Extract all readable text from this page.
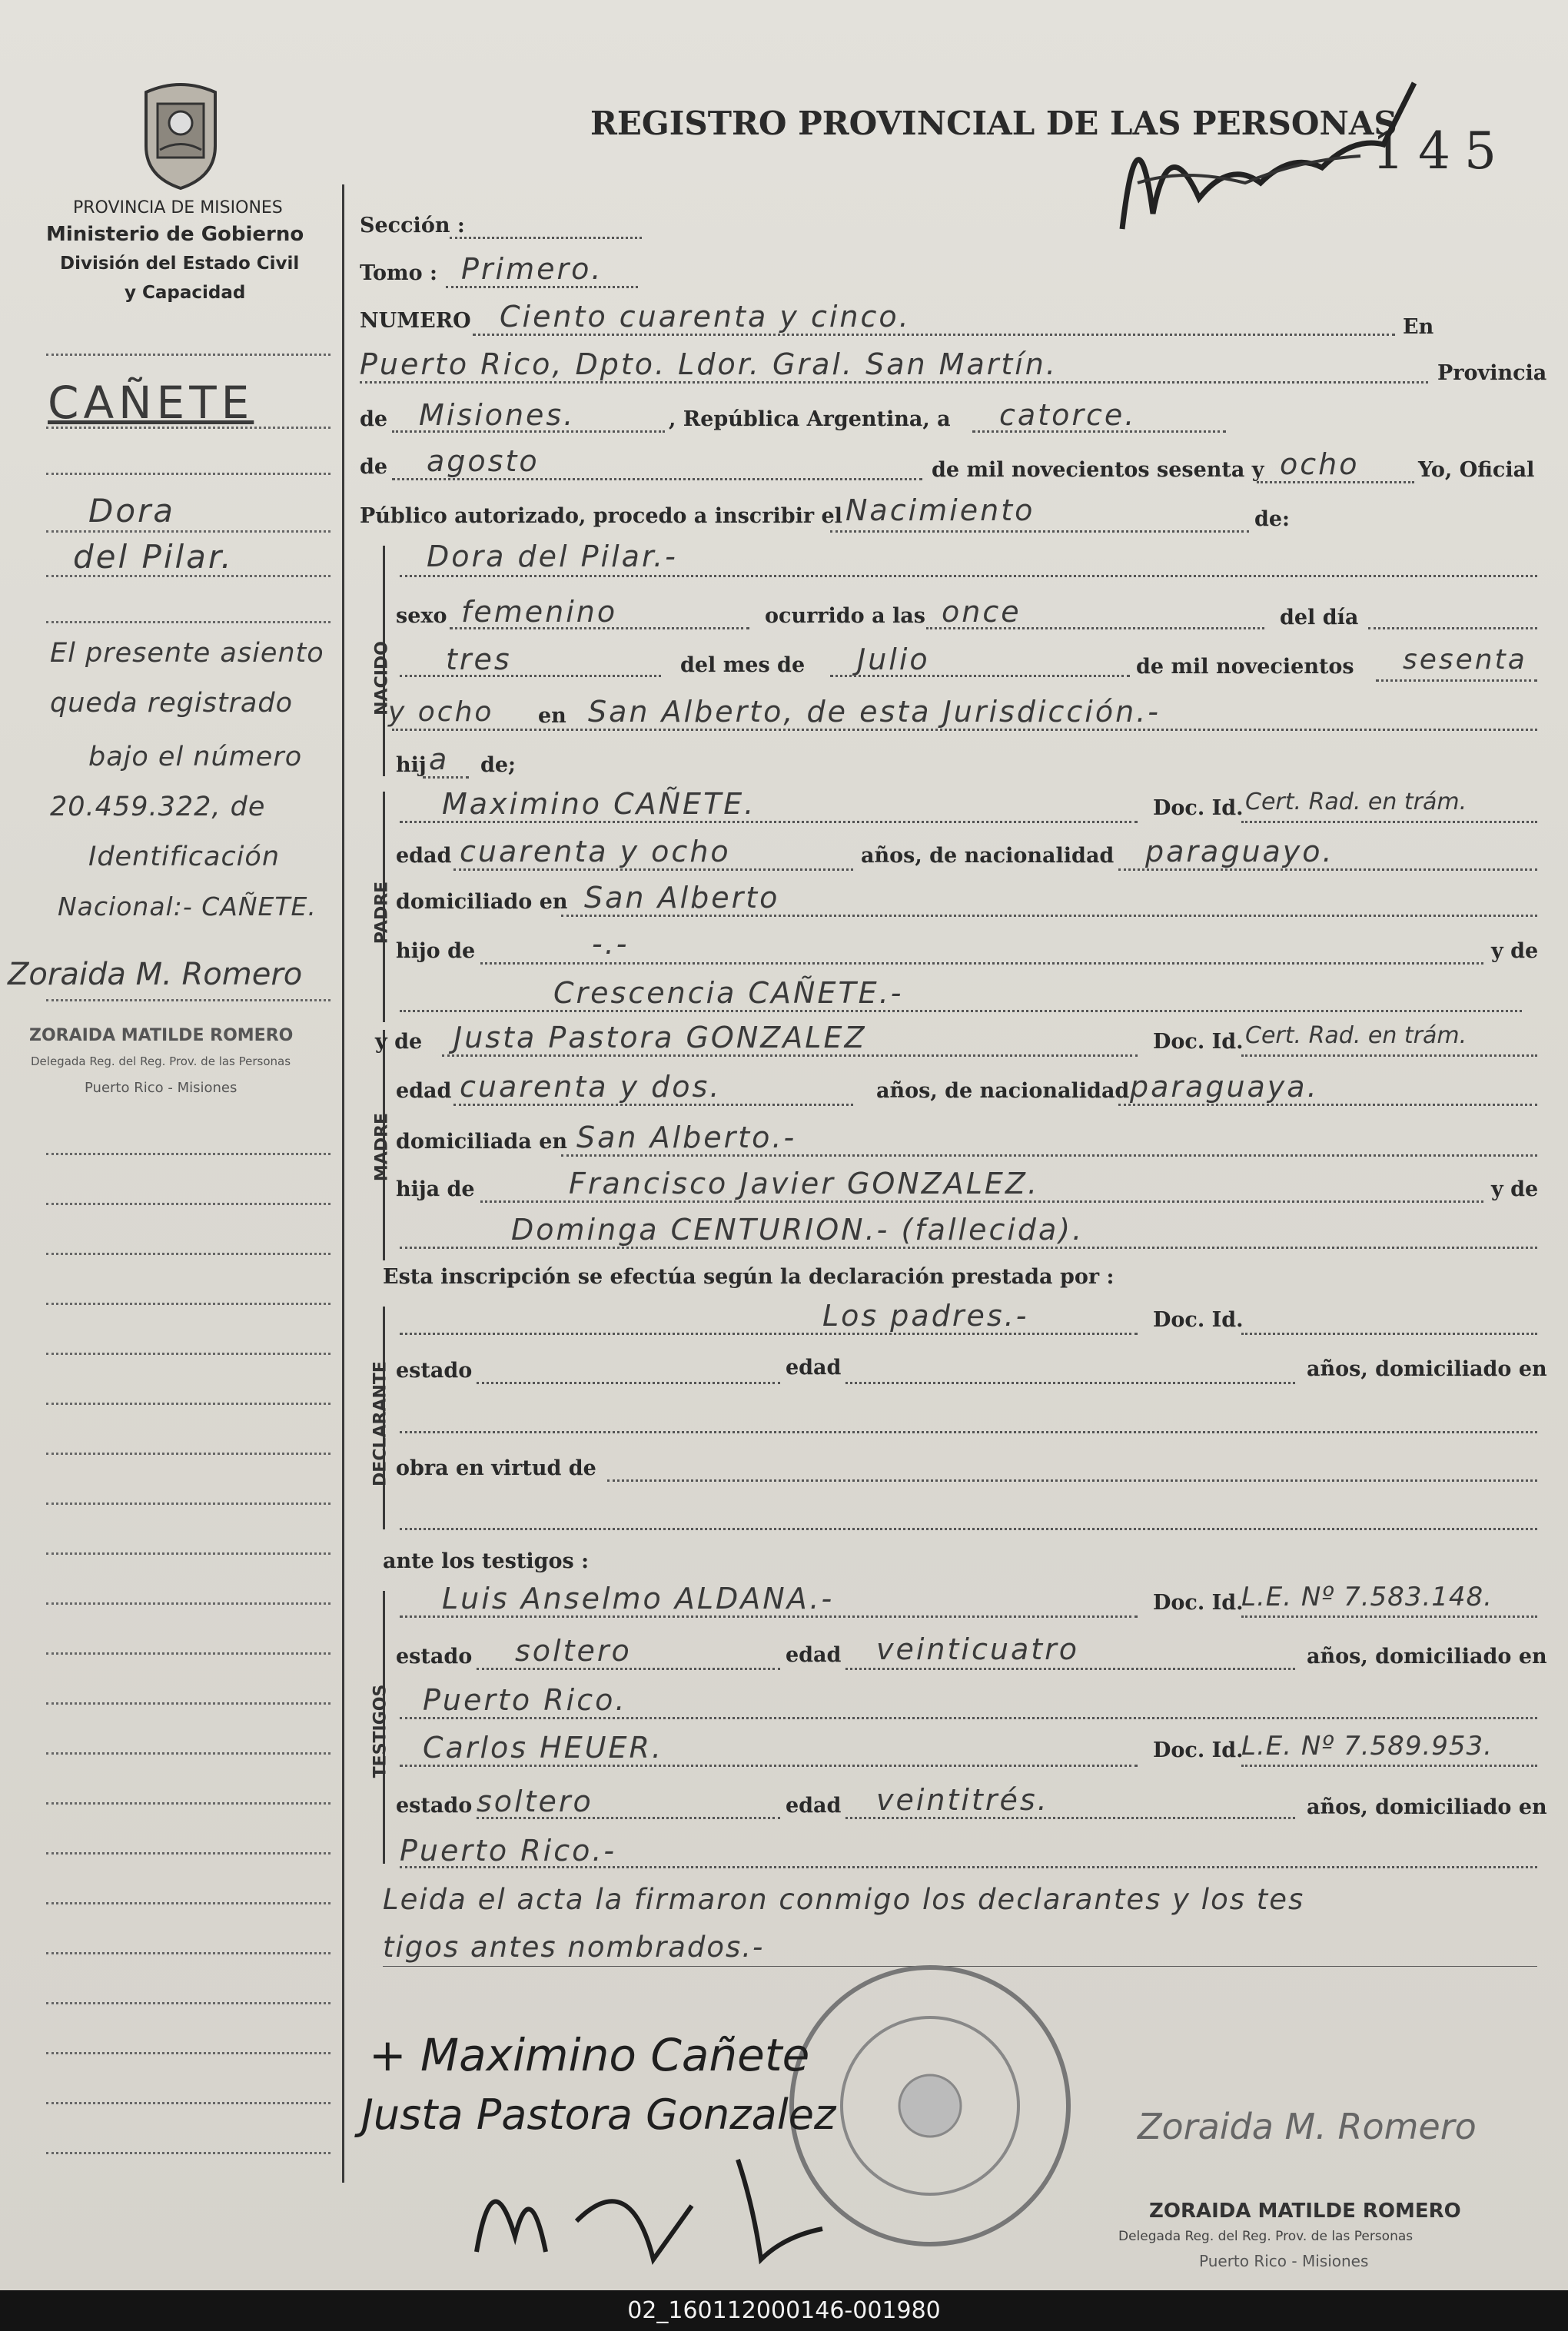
PROVINCIA DE MISIONES
Ministerio de Gobierno
División del Estado Civil
y Capacidad
REGISTRO PROVINCIAL DE LAS PERSONAS
145
CAÑETE
Dora
del Pilar.
El presente asiento
queda registrado
bajo el número
20.459.322, de
Identificación
Nacional:- CAÑETE.
Zoraida M. Romero
ZORAIDA MATILDE ROMERO
Delegada Reg. del Reg. Prov. de las Personas
Puerto Rico - Misiones
Sección :
Tomo : Primero.
NUMERO Ciento cuarenta y cinco.	En
Puerto Rico, Dpto. Ldor. Gral. San Martín.	Provincia
de Misiones.	, República Argentina, a catorce.
de agosto	de mil novecientos sesenta y ocho	Yo, Oficial
Público autorizado, procedo a inscribir el Nacimiento	de:
NACIDO
Dora del Pilar.-
sexo femenino	ocurrido a las once	del día
tres	del mes de Julio	de mil novecientos sesenta
y ocho en San Alberto, de esta Jurisdicción.-
hij a de;
PADRE
Maximino CAÑETE.	Doc. Id. Cert. Rad. en trám.
edad cuarenta y ocho	años, de nacionalidad paraguayo.
domiciliado en San Alberto
hijo de	-.-	y de
Crescencia CAÑETE.-
MADRE
y de Justa Pastora GONZALEZ	Doc. Id. Cert. Rad. en trám.
edad cuarenta y dos.	años, de nacionalidad paraguaya.
domiciliada en San Alberto.-
hija de	Francisco Javier GONZALEZ.	y de
Dominga CENTURION.- (fallecida).
Esta inscripción se efectúa según la declaración prestada por :
DECLARANTE
Los padres.-	Doc. Id.
estado	edad	años, domiciliado en
obra en virtud de
ante los testigos :
TESTIGOS
Luis Anselmo ALDANA.-	Doc. Id.
L.E. Nº 7.583.148.
estado soltero	edad veinticuatro	años, domiciliado en
Puerto Rico.
Carlos HEUER.	Doc. Id.
L.E. Nº 7.589.953.
estado soltero	edad veintitrés.	años, domiciliado en
Puerto Rico.-
Leida el acta la firmaron conmigo los declarantes y los tes
tigos antes nombrados.-
+ Maximino Cañete
Justa Pastora Gonzalez	Zoraida M. Romero
ZORAIDA MATILDE ROMERO
Delegada Reg. del Reg. Prov. de las Personas
Puerto Rico - Misiones
02_160112000146-001980
